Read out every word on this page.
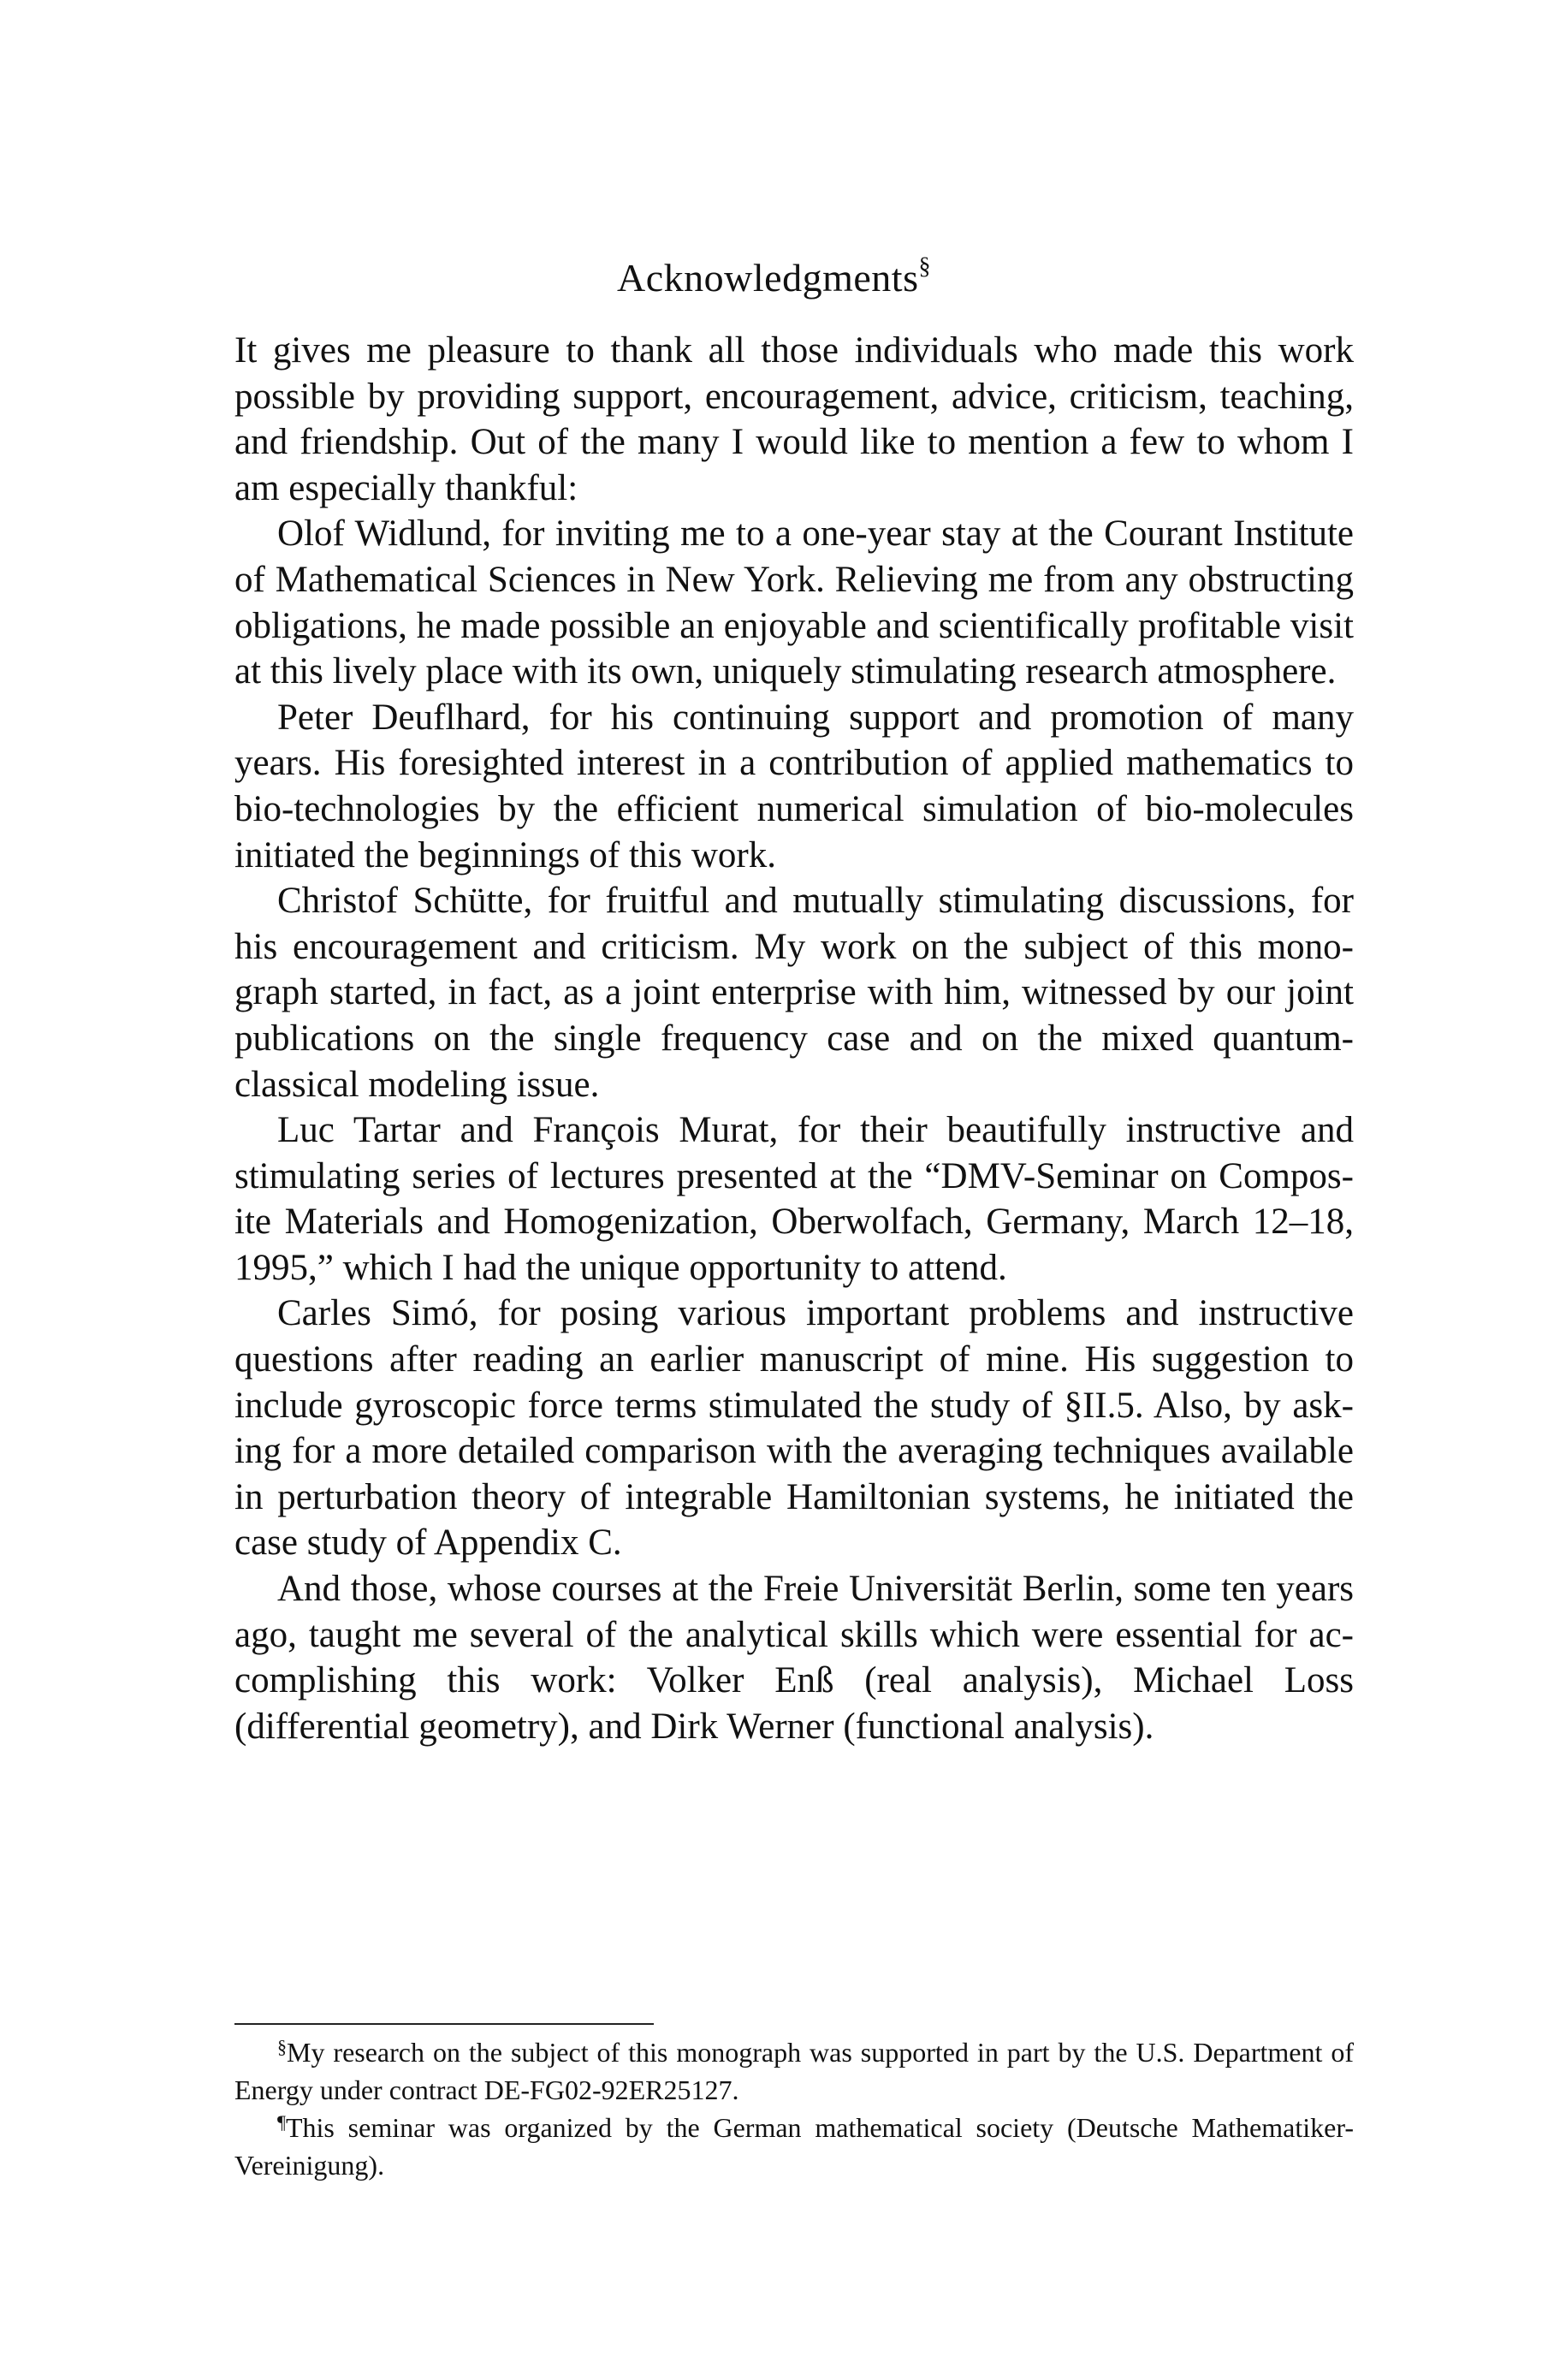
Acknowledgments§

It gives me pleasure to thank all those individuals who made this work possible by providing support, encouragement, advice, criticism, teaching, and friendship. Out of the many I would like to mention a few to whom I am especially thankful:

Olof Widlund, for inviting me to a one-year stay at the Courant Institute of Mathematical Sciences in New York. Relieving me from any obstructing obligations, he made possible an enjoyable and scientifically profitable visit at this lively place with its own, uniquely stimulating research atmosphere.

Peter Deuflhard, for his continuing support and promotion of many years. His foresighted interest in a contribution of applied mathematics to bio-technologies by the efficient numerical simulation of bio-molecules initiated the beginnings of this work.

Christof Schütte, for fruitful and mutually stimulating discussions, for his encouragement and criticism. My work on the subject of this monograph started, in fact, as a joint enterprise with him, witnessed by our joint publications on the single frequency case and on the mixed quantum-classical modeling issue.

Luc Tartar and François Murat, for their beautifully instructive and stimulating series of lectures presented at the “DMV-Seminar on Composite Materials and Homogenization, Oberwolfach, Germany, March 12–18, 1995,” which I had the unique opportunity to attend.

Carles Simó, for posing various important problems and instructive questions after reading an earlier manuscript of mine. His suggestion to include gyroscopic force terms stimulated the study of §II.5. Also, by asking for a more detailed comparison with the averaging techniques available in perturbation theory of integrable Hamiltonian systems, he initiated the case study of Appendix C.

And those, whose courses at the Freie Universität Berlin, some ten years ago, taught me several of the analytical skills which were essential for accomplishing this work: Volker Enß (real analysis), Michael Loss (differential geometry), and Dirk Werner (functional analysis).

§My research on the subject of this monograph was supported in part by the U.S. Department of Energy under contract DE-FG02-92ER25127.

¶This seminar was organized by the German mathematical society (Deutsche Mathematiker-Vereinigung).
